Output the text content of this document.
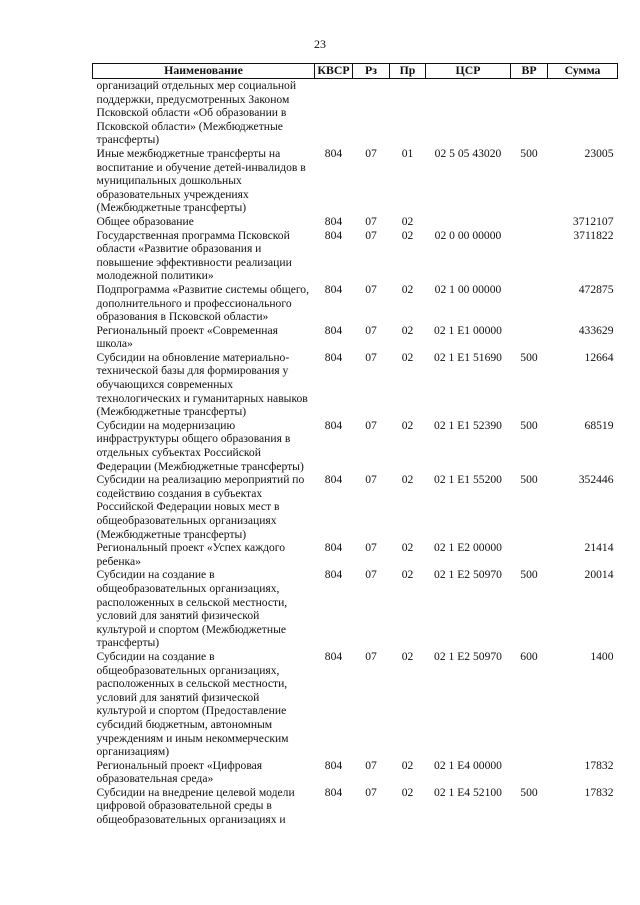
23
Наименование	КВСР	Рз	Пр	ЦСР	ВР	Сумма
организаций отдельных мер социальной поддержки, предусмотренных Законом Псковской области «Об образовании в Псковской области» (Межбюджетные трансферты)						
Иные межбюджетные трансферты на воспитание и обучение детей-инвалидов в муниципальных дошкольных образовательных учреждениях (Межбюджетные трансферты)	804	07	01	02 5 05 43020	500	23005
Общее образование	804	07	02			3712107
Государственная программа Псковской области «Развитие образования и повышение эффективности реализации молодежной политики»	804	07	02	02 0 00 00000		3711822
Подпрограмма «Развитие системы общего, дополнительного и профессионального образования в Псковской области»	804	07	02	02 1 00 00000		472875
Региональный проект «Современная школа»	804	07	02	02 1 E1 00000		433629
Субсидии на обновление материально-технической базы для формирования у обучающихся современных технологических и гуманитарных навыков (Межбюджетные трансферты)	804	07	02	02 1 E1 51690	500	12664
Субсидии на модернизацию инфраструктуры общего образования в отдельных субъектах Российской Федерации (Межбюджетные трансферты)	804	07	02	02 1 E1 52390	500	68519
Субсидии на реализацию мероприятий по содействию создания в субъектах Российской Федерации новых мест в общеобразовательных организациях (Межбюджетные трансферты)	804	07	02	02 1 E1 55200	500	352446
Региональный проект «Успех каждого ребенка»	804	07	02	02 1 E2 00000		21414
Субсидии на создание в общеобразовательных организациях, расположенных в сельской местности, условий для занятий физической культурой и спортом (Межбюджетные трансферты)	804	07	02	02 1 E2 50970	500	20014
Субсидии на создание в общеобразовательных организациях, расположенных в сельской местности, условий для занятий физической культурой и спортом (Предоставление субсидий бюджетным, автономным учреждениям и иным некоммерческим организациям)	804	07	02	02 1 E2 50970	600	1400
Региональный проект «Цифровая образовательная среда»	804	07	02	02 1 E4 00000		17832
Субсидии на внедрение целевой модели цифровой образовательной среды в общеобразовательных организациях и	804	07	02	02 1 E4 52100	500	17832
